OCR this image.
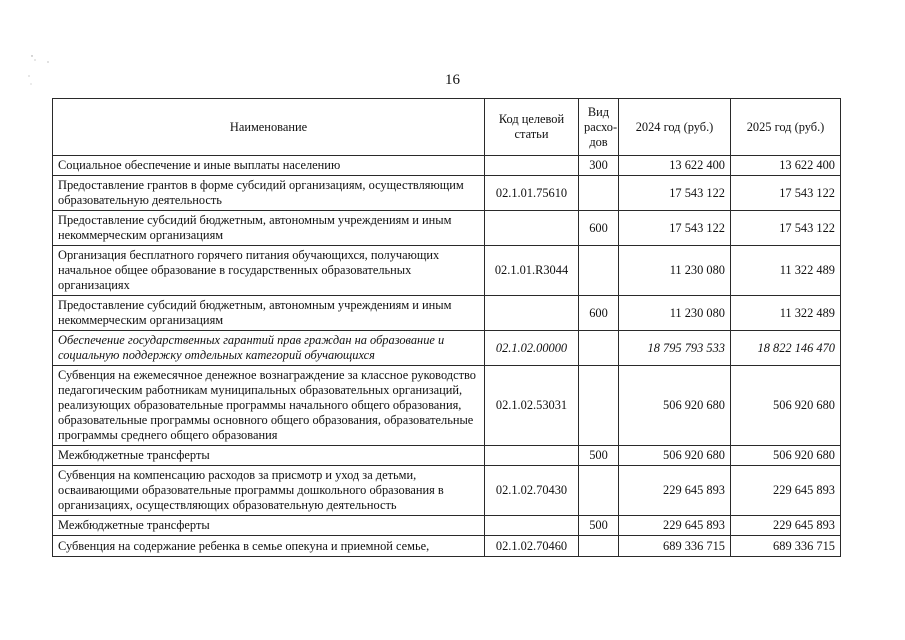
16
Наименование	Код целевой статьи	Вид расхо-дов	2024 год (руб.)	2025 год (руб.)
Социальное обеспечение и иные выплаты населению		300	13 622 400	13 622 400
Предоставление грантов в форме субсидий организациям, осуществляющим образовательную деятельность	02.1.01.75610		17 543 122	17 543 122
Предоставление субсидий бюджетным, автономным учреждениям и иным некоммерческим организациям		600	17 543 122	17 543 122
Организация бесплатного горячего питания обучающихся, получающих начальное общее образование в государственных образовательных организациях	02.1.01.R3044		11 230 080	11 322 489
Предоставление субсидий бюджетным, автономным учреждениям и иным некоммерческим организациям		600	11 230 080	11 322 489
Обеспечение государственных гарантий прав граждан на образование и социальную поддержку отдельных категорий обучающихся	02.1.02.00000		18 795 793 533	18 822 146 470
Субвенция на ежемесячное денежное вознаграждение за классное руководство педагогическим работникам муниципальных образовательных организаций, реализующих образовательные программы начального общего образования, образовательные программы основного общего образования, образовательные программы среднего общего образования	02.1.02.53031		506 920 680	506 920 680
Межбюджетные трансферты		500	506 920 680	506 920 680
Субвенция на компенсацию расходов за присмотр и уход за детьми, осваивающими образовательные программы дошкольного образования в организациях, осуществляющих образовательную деятельность	02.1.02.70430		229 645 893	229 645 893
Межбюджетные трансферты		500	229 645 893	229 645 893
Субвенция на содержание ребенка в семье опекуна и приемной семье,	02.1.02.70460		689 336 715	689 336 715
